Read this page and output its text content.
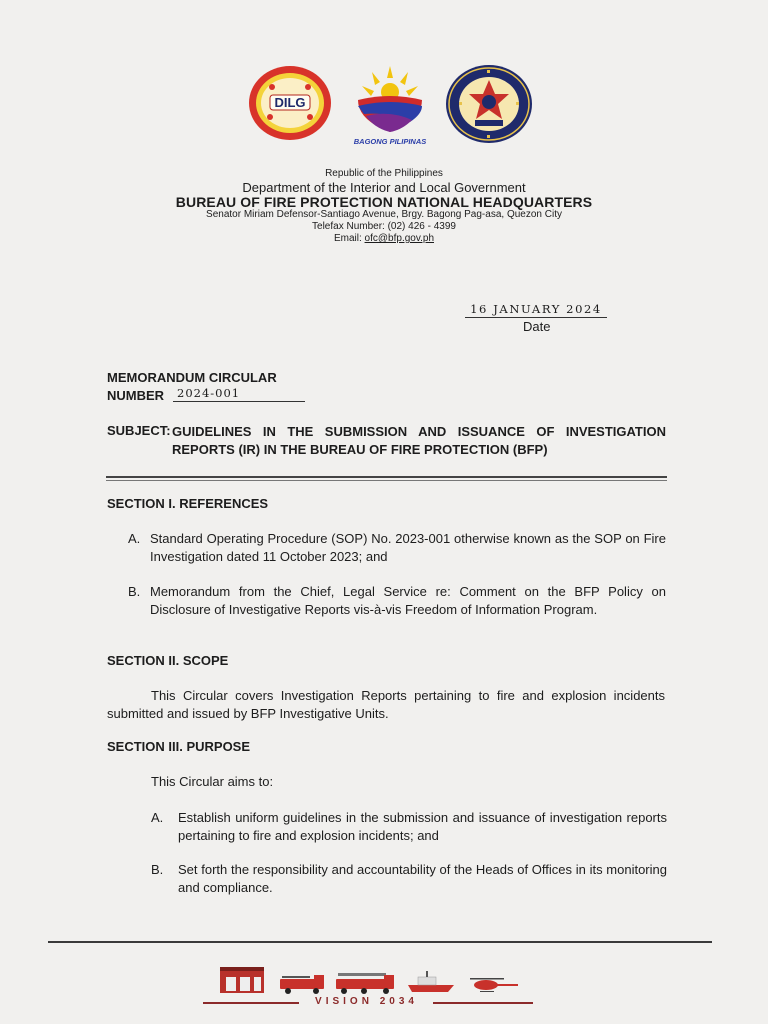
DILG
BAGONG PILIPINAS
Republic of the Philippines
Department of the Interior and Local Government
BUREAU OF FIRE PROTECTION NATIONAL HEADQUARTERS
Senator Miriam Defensor-Santiago Avenue, Brgy. Bagong Pag-asa, Quezon City
Telefax Number: (02) 426 - 4399
Email: ofc@bfp.gov.ph
16 JANUARY 2024
Date
MEMORANDUM CIRCULAR
NUMBER	2024-001
SUBJECT: GUIDELINES IN THE SUBMISSION AND ISSUANCE OF INVESTIGATION REPORTS (IR) IN THE BUREAU OF FIRE PROTECTION (BFP)
SECTION I. REFERENCES
A. Standard Operating Procedure (SOP) No. 2023-001 otherwise known as the SOP on Fire Investigation dated 11 October 2023; and
B. Memorandum from the Chief, Legal Service re: Comment on the BFP Policy on Disclosure of Investigative Reports vis-à-vis Freedom of Information Program.
SECTION II. SCOPE
This Circular covers Investigation Reports pertaining to fire and explosion incidents submitted and issued by BFP Investigative Units.
SECTION III. PURPOSE
This Circular aims to:
A. Establish uniform guidelines in the submission and issuance of investigation reports pertaining to fire and explosion incidents; and
B. Set forth the responsibility and accountability of the Heads of Offices in its monitoring and compliance.
VISION 2034
